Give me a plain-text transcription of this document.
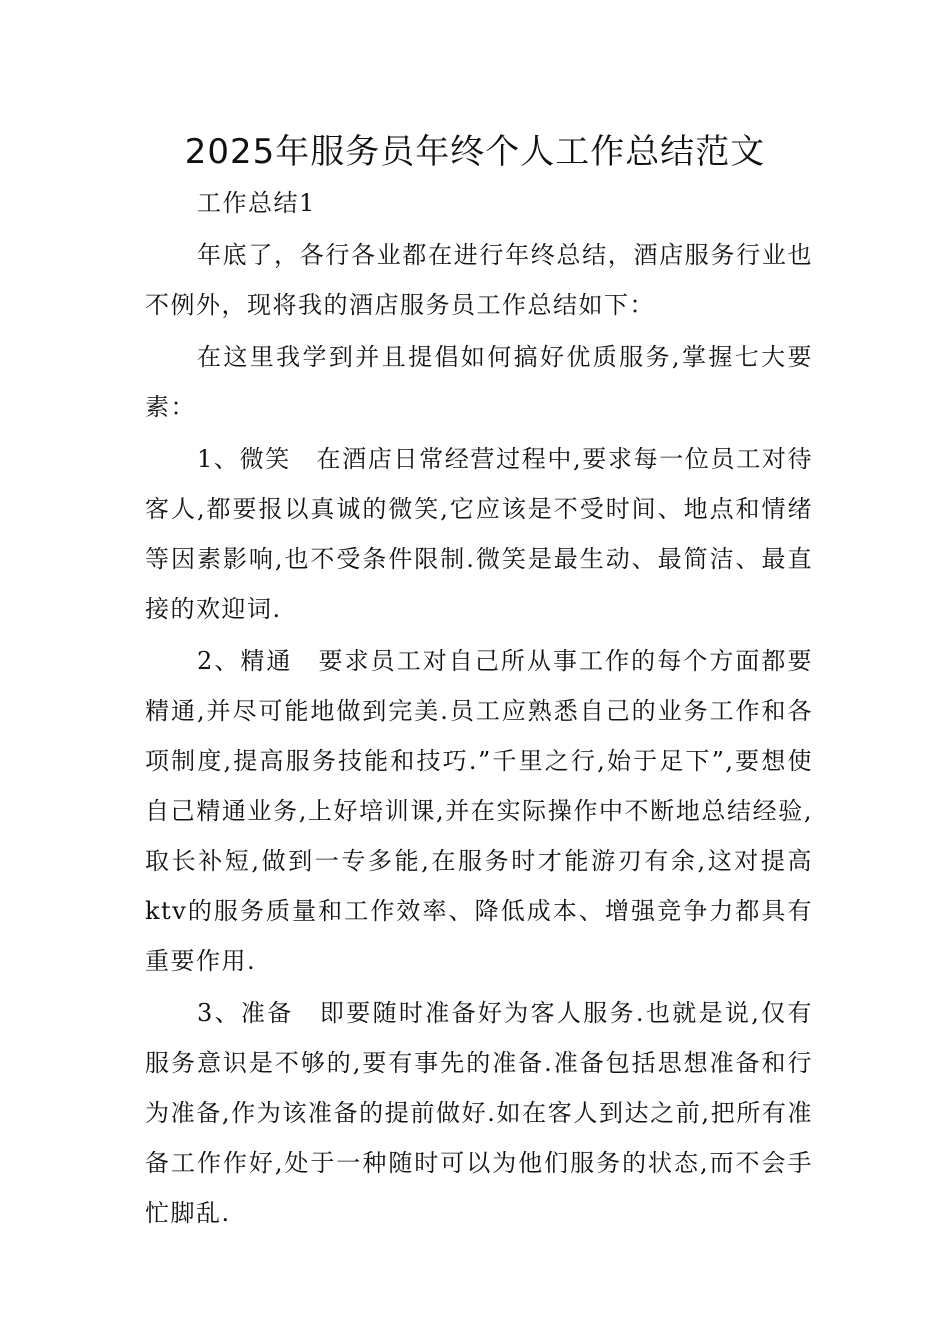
2025年服务员年终个人工作总结范文

工作总结1

年底了，各行各业都在进行年终总结，酒店服务行业也不例外，现将我的酒店服务员工作总结如下：

在这里我学到并且提倡如何搞好优质服务,掌握七大要素：

1、微笑　在酒店日常经营过程中,要求每一位员工对待客人,都要报以真诚的微笑,它应该是不受时间、地点和情绪等因素影响,也不受条件限制.微笑是最生动、最简洁、最直接的欢迎词.

2、精通　要求员工对自己所从事工作的每个方面都要精通,并尽可能地做到完美.员工应熟悉自己的业务工作和各项制度,提高服务技能和技巧.”千里之行,始于足下”,要想使自己精通业务,上好培训课,并在实际操作中不断地总结经验,取长补短,做到一专多能,在服务时才能游刃有余,这对提高ktv的服务质量和工作效率、降低成本、增强竞争力都具有重要作用.

3、准备　即要随时准备好为客人服务.也就是说,仅有服务意识是不够的,要有事先的准备.准备包括思想准备和行为准备,作为该准备的提前做好.如在客人到达之前,把所有准备工作作好,处于一种随时可以为他们服务的状态,而不会手忙脚乱.
